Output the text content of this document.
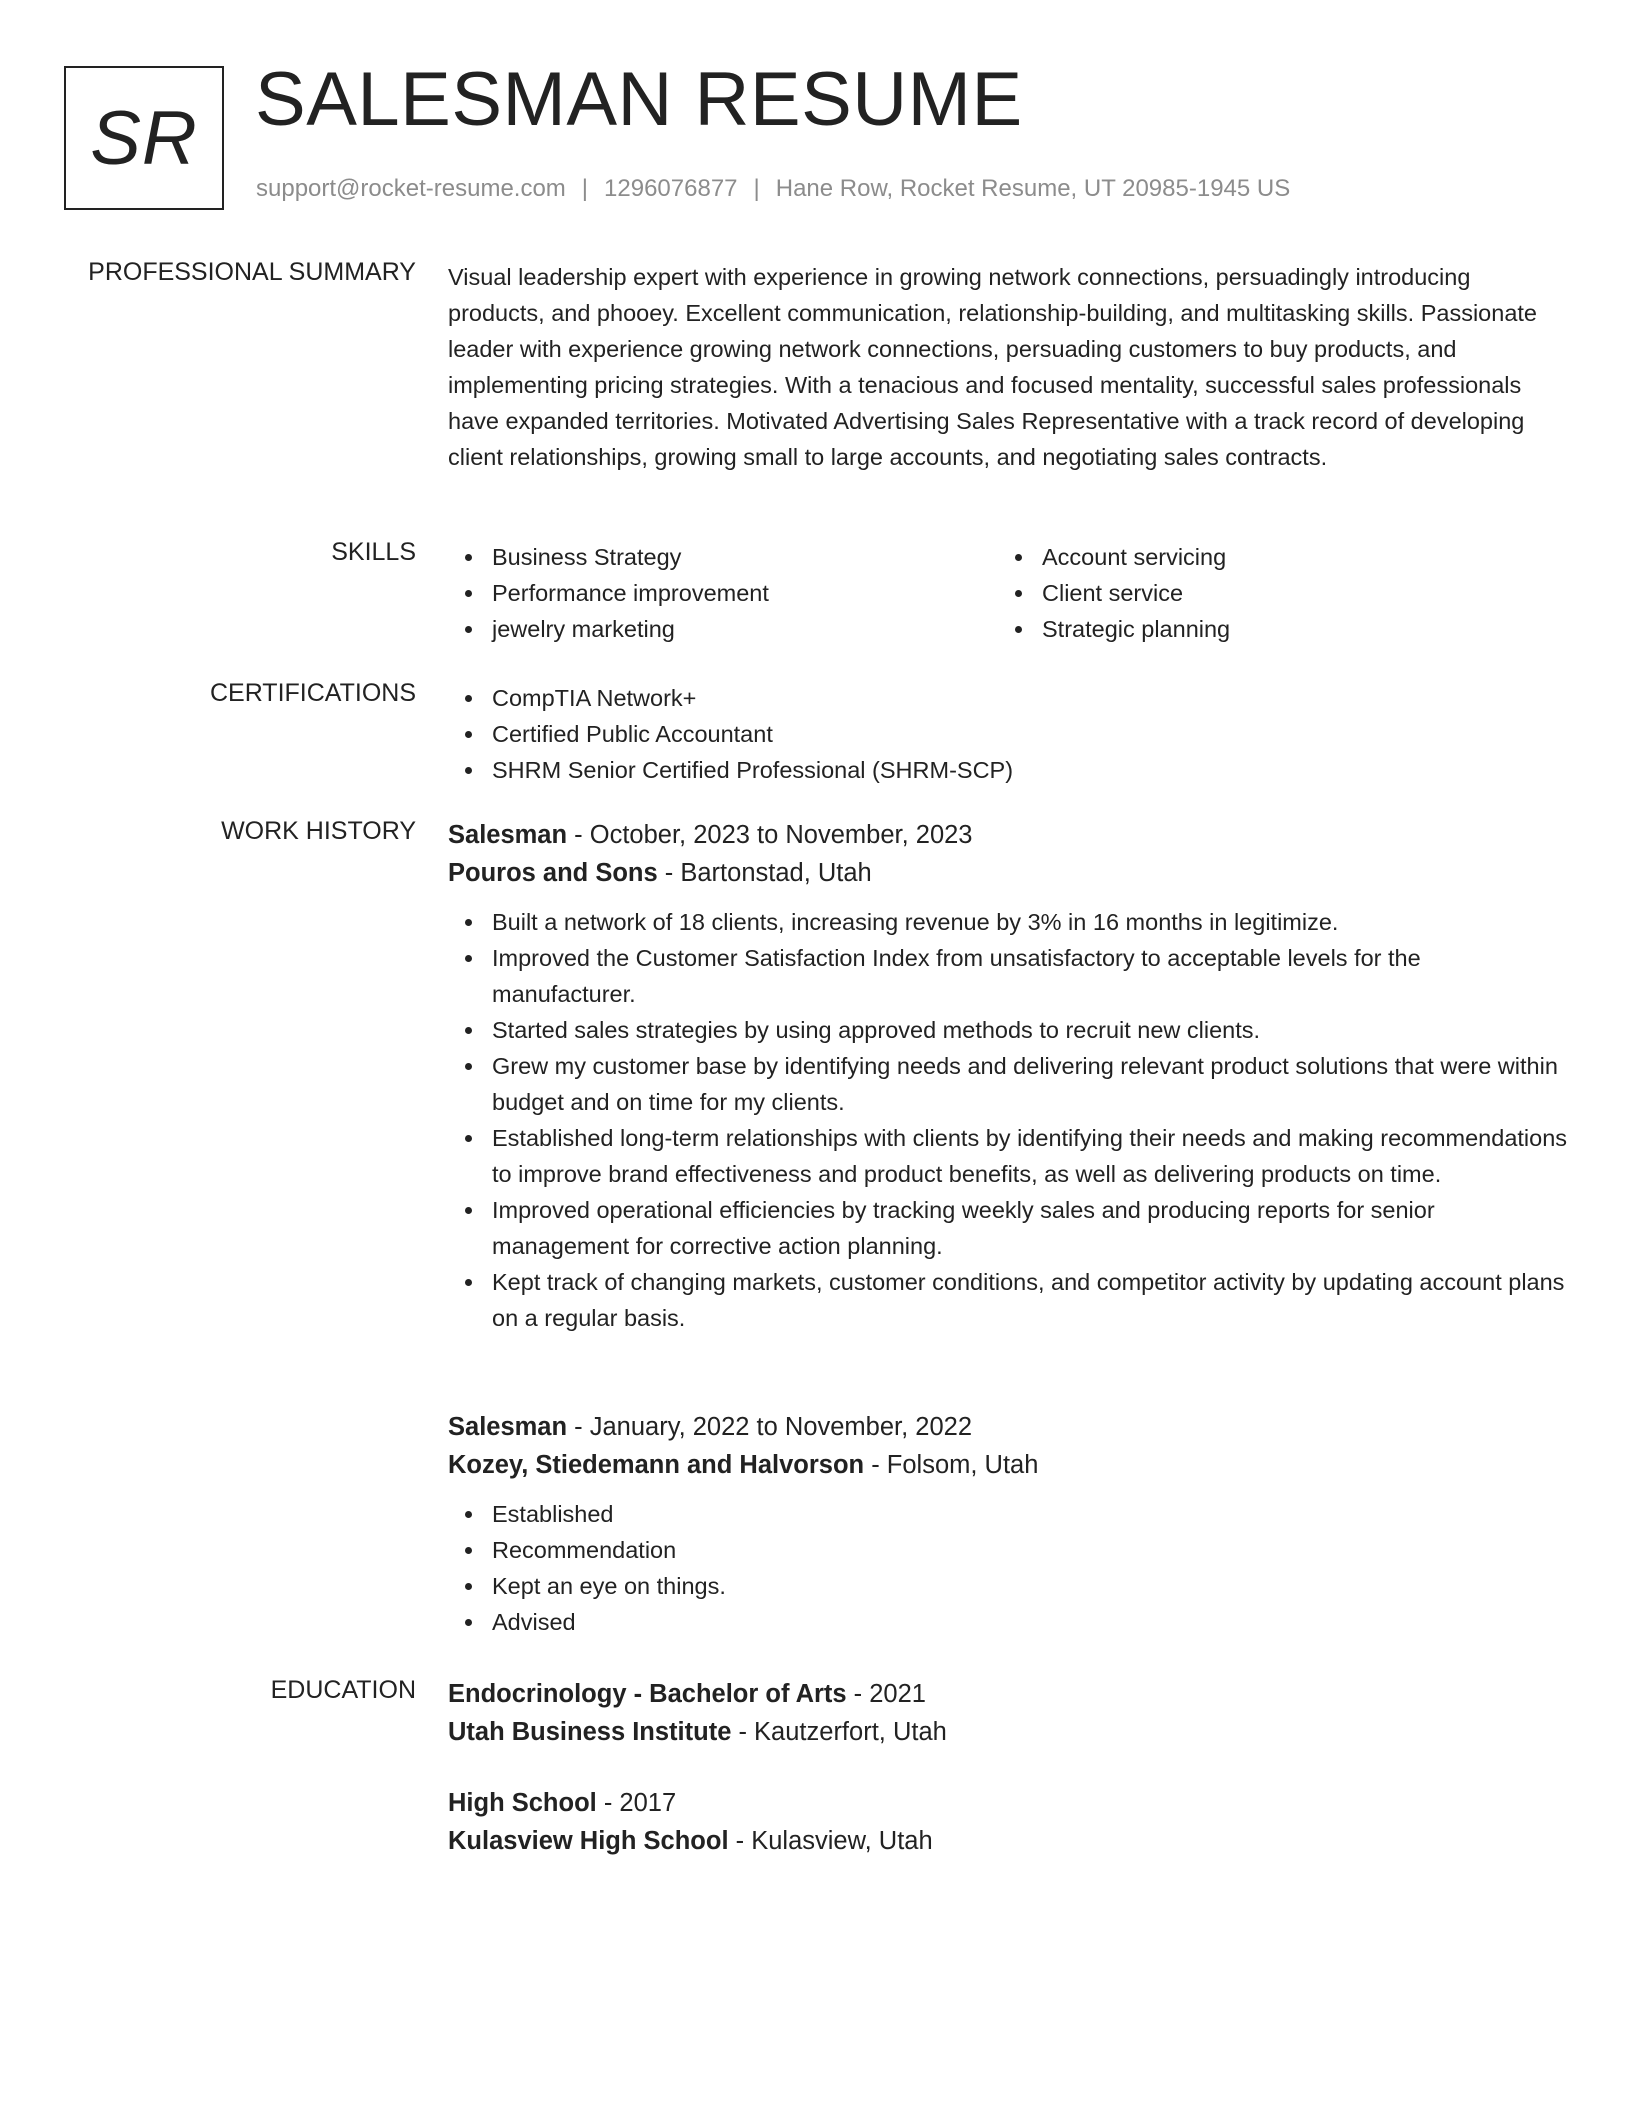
SR SALESMAN RESUME
support@rocket-resume.com | 1296076877 | Hane Row, Rocket Resume, UT 20985-1945 US
PROFESSIONAL SUMMARY Visual leadership expert with experience in growing network connections, persuadingly introducing products, and phooey. Excellent communication, relationship-building, and multitasking skills. Passionate leader with experience growing network connections, persuading customers to buy products, and implementing pricing strategies. With a tenacious and focused mentality, successful sales professionals have expanded territories. Motivated Advertising Sales Representative with a track record of developing client relationships, growing small to large accounts, and negotiating sales contracts.

SKILLS	Business Strategy
Performance improvement
jewelry marketing
Account servicing
Client service
Strategic planning
CERTIFICATIONS	CompTIA Network+
Certified Public Accountant
SHRM Senior Certified Professional (SHRM-SCP)
WORK HISTORY Salesman - October, 2023 to November, 2023
Pouros and Sons - Bartonstad, Utah
Built a network of 18 clients, increasing revenue by 3% in 16 months in legitimize.
Improved the Customer Satisfaction Index from unsatisfactory to acceptable levels for the manufacturer.
Started sales strategies by using approved methods to recruit new clients.
Grew my customer base by identifying needs and delivering relevant product solutions that were within budget and on time for my clients.
Established long-term relationships with clients by identifying their needs and making recommendations to improve brand effectiveness and product benefits, as well as delivering products on time.
Improved operational efficiencies by tracking weekly sales and producing reports for senior management for corrective action planning.
Kept track of changing markets, customer conditions, and competitor activity by updating account plans on a regular basis.
Salesman - January, 2022 to November, 2022
Kozey, Stiedemann and Halvorson - Folsom, Utah
Established
Recommendation
Kept an eye on things.
Advised
EDUCATION Endocrinology - Bachelor of Arts - 2021
Utah Business Institute - Kautzerfort, Utah
High School - 2017
Kulasview High School - Kulasview, Utah
